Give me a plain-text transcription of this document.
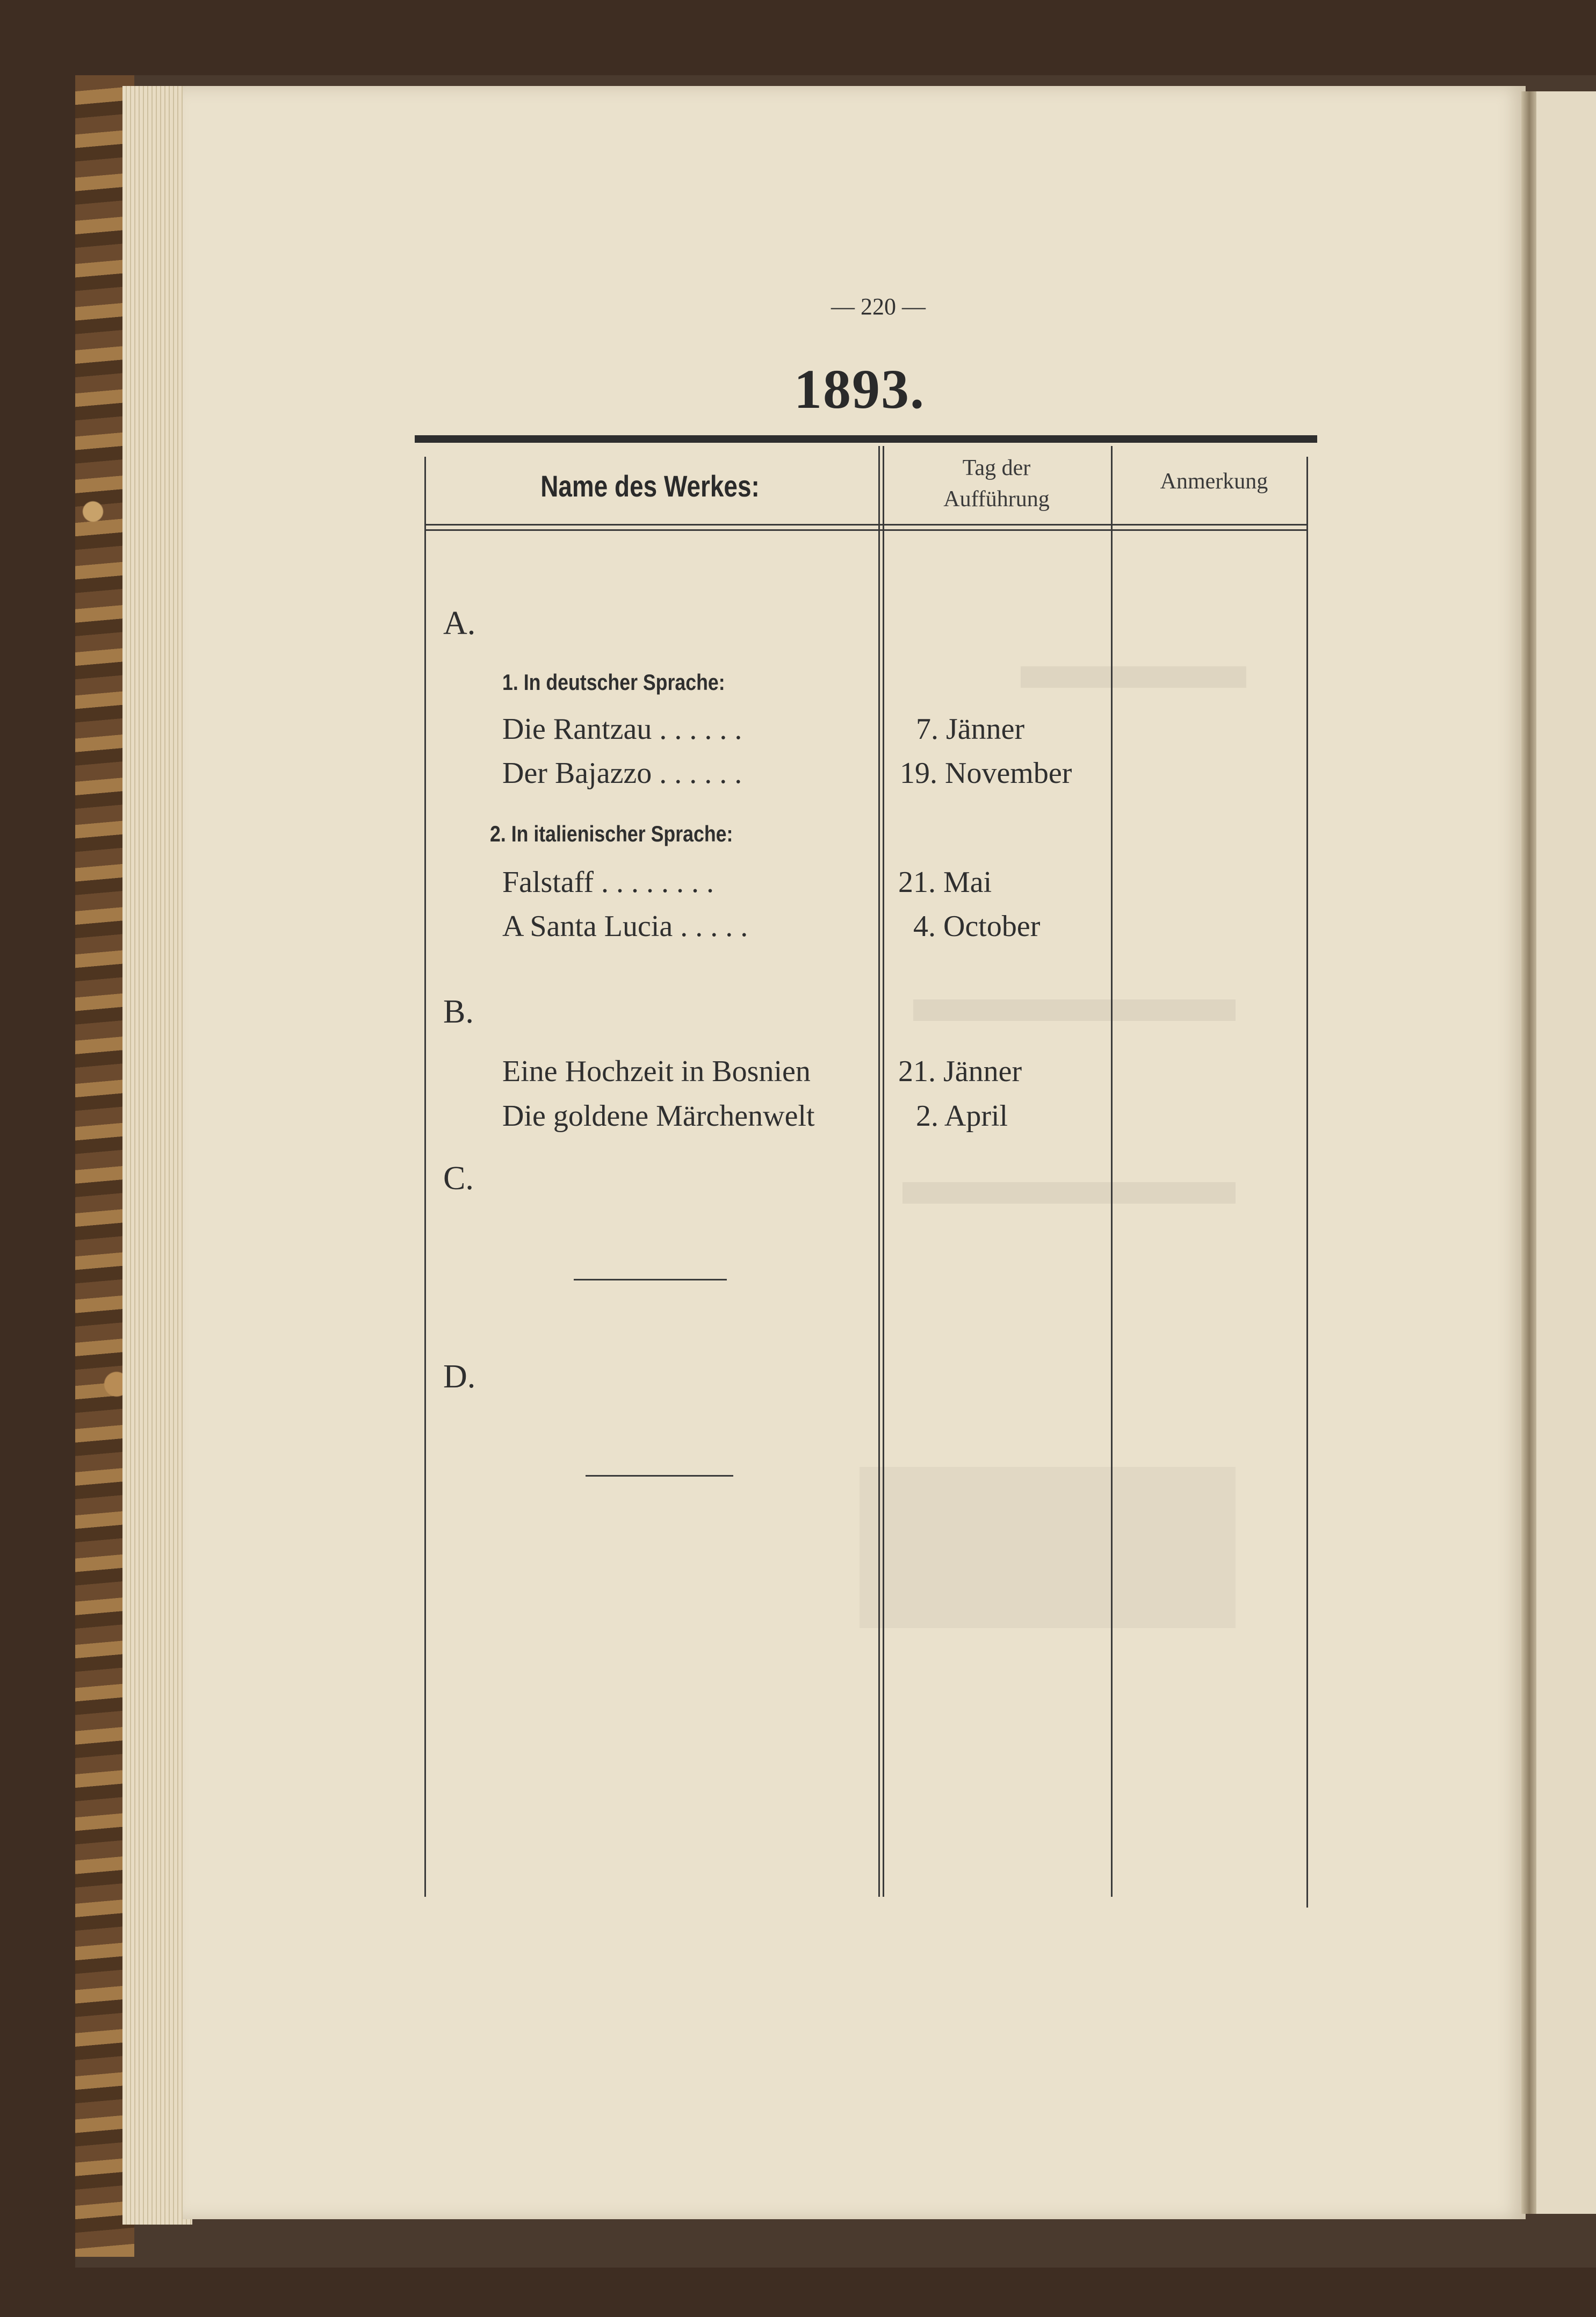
— 220 —
1893.
Name des Werkes:
Tag der
Aufführung
Anmerkung
A.
1. In deutscher Sprache:
Die Rantzau . . . . . .	7. Jänner
Der Bajazzo . . . . . .	19. November
2. In italienischer Sprache:
Falstaff . . . . . . . .	21. Mai
A Santa Lucia . . . . .	4. October
B.
Eine Hochzeit in Bosnien	21. Jänner
Die goldene Märchenwelt	2. April
C.
D.
